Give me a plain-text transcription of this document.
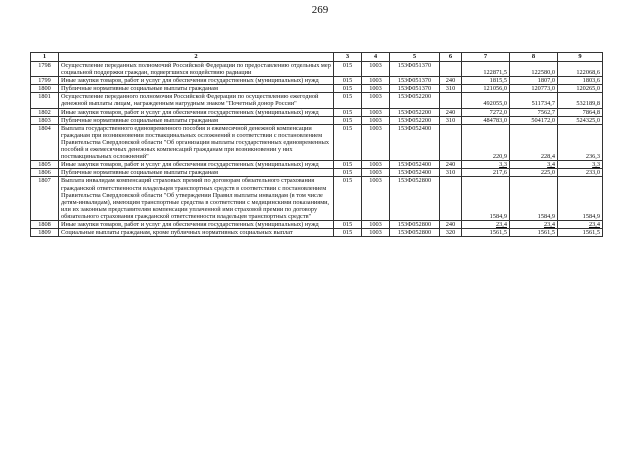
269
1	2	3	4	5	6	7	8	9
1798	Осуществление переданных полномочий Российской Федерации по предоставлению отдельных мер социальной поддержки граждан, подвергшихся воздействию радиации	015	1003	153Ф051370		122871,5	122580,0	122068,6
1799	Иные закупки товаров, работ и услуг для обеспечения государственных (муниципальных) нужд	015	1003	153Ф051370	240	1815,5	1807,0	1803,6
1800	Публичные нормативные социальные выплаты гражданам	015	1003	153Ф051370	310	121056,0	120773,0	120265,0
1801	Осуществление переданного полномочия Российской Федерации по осуществлению ежегодной денежной выплаты лицам, награжденным нагрудным знаком "Почетный донор России"	015	1003	153Ф052200		492055,0	511734,7	532189,8
1802	Иные закупки товаров, работ и услуг для обеспечения государственных (муниципальных) нужд	015	1003	153Ф052200	240	7272,0	7562,7	7864,8
1803	Публичные нормативные социальные выплаты гражданам	015	1003	153Ф052200	310	484783,0	504172,0	524325,0
1804	Выплата государственного единовременного пособия и ежемесячной денежной компенсации гражданам при возникновении поствакцинальных осложнений в соответствии с постановлением Правительства Свердловской области "Об организации выплаты государственных единовременных пособий и ежемесячных денежных компенсаций гражданам при возникновении у них поствакцинальных осложнений"	015	1003	153Ф052400		220,9	228,4	236,3
1805	Иные закупки товаров, работ и услуг для обеспечения государственных (муниципальных) нужд	015	1003	153Ф052400	240	3,3	3,4	3,3
1806	Публичные нормативные социальные выплаты гражданам	015	1003	153Ф052400	310	217,6	225,0	233,0
1807	Выплата инвалидам компенсаций страховых премий по договорам обязательного страхования гражданской ответственности владельцев транспортных средств в соответствии с постановлением Правительства Свердловской области "Об утверждении Правил выплаты инвалидам (в том числе детям-инвалидам), имеющим транспортные средства в соответствии с медицинскими показаниями, или их законным представителям компенсации уплаченной ими страховой премии по договору обязательного страхования гражданской ответственности владельцев транспортных средств"	015	1003	153Ф052800		1584,9	1584,9	1584,9
1808	Иные закупки товаров, работ и услуг для обеспечения государственных (муниципальных) нужд	015	1003	153Ф052800	240	23,4	23,4	23,4
1809	Социальные выплаты гражданам, кроме публичных нормативных социальных выплат	015	1003	153Ф052800	320	1561,5	1561,5	1561,5
